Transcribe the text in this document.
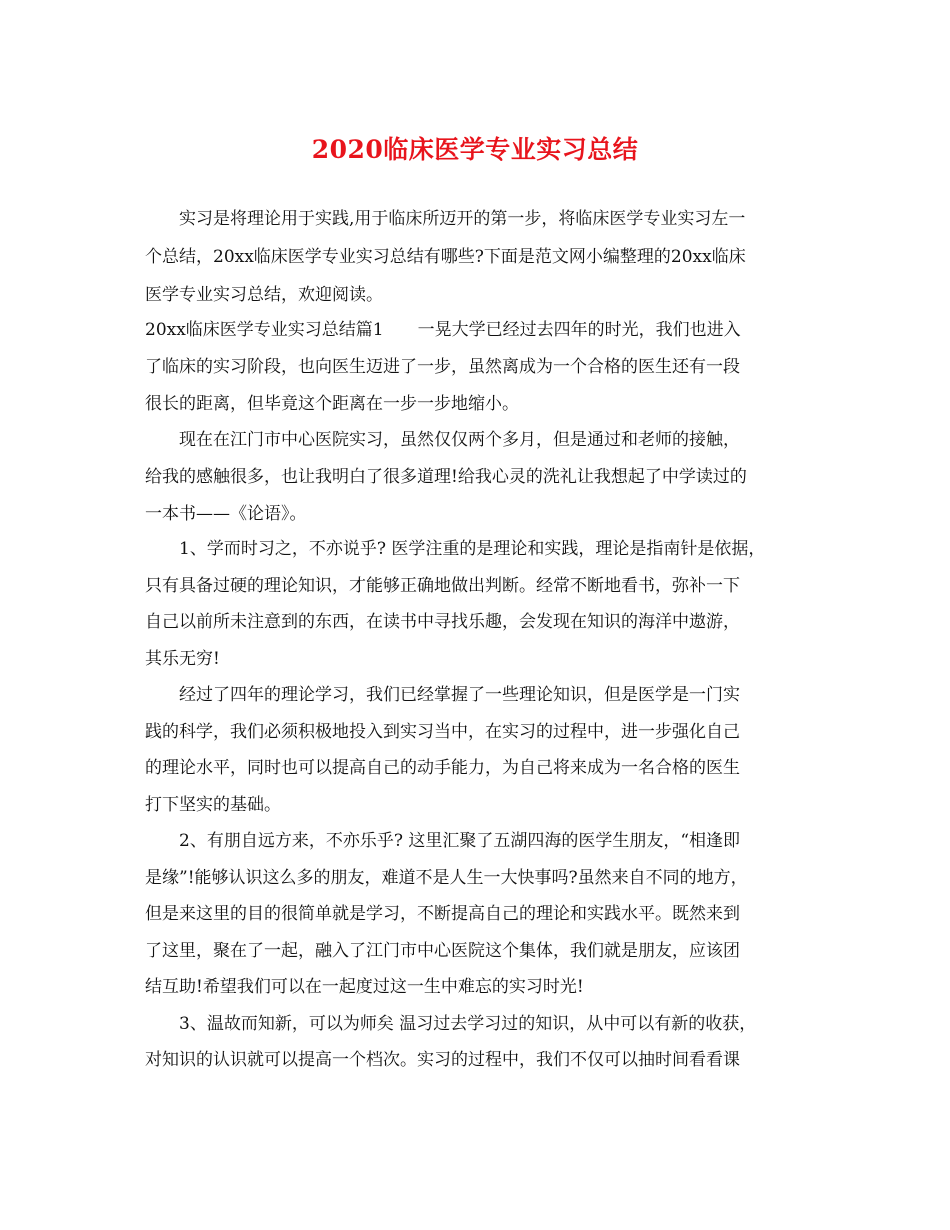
2020临床医学专业实习总结
　　实习是将理论用于实践,用于临床所迈开的第一步，将临床医学专业实习左一
个总结，20xx临床医学专业实习总结有哪些?下面是范文网小编整理的20xx临床
医学专业实习总结，欢迎阅读。
20xx临床医学专业实习总结篇1　　一晃大学已经过去四年的时光，我们也进入
了临床的实习阶段，也向医生迈进了一步，虽然离成为一个合格的医生还有一段
很长的距离，但毕竟这个距离在一步一步地缩小。
　　现在在江门市中心医院实习，虽然仅仅两个多月，但是通过和老师的接触，
给我的感触很多，也让我明白了很多道理!给我心灵的洗礼让我想起了中学读过的
一本书——《论语》。
　　1、学而时习之，不亦说乎? 医学注重的是理论和实践，理论是指南针是依据，
只有具备过硬的理论知识，才能够正确地做出判断。经常不断地看书，弥补一下
自己以前所未注意到的东西，在读书中寻找乐趣，会发现在知识的海洋中遨游，
其乐无穷!
　　经过了四年的理论学习，我们已经掌握了一些理论知识，但是医学是一门实
践的科学，我们必须积极地投入到实习当中，在实习的过程中，进一步强化自己
的理论水平，同时也可以提高自己的动手能力，为自己将来成为一名合格的医生
打下坚实的基础。
　　2、有朋自远方来，不亦乐乎? 这里汇聚了五湖四海的医学生朋友，“相逢即
是缘”!能够认识这么多的朋友，难道不是人生一大快事吗?虽然来自不同的地方，
但是来这里的目的很简单就是学习，不断提高自己的理论和实践水平。既然来到
了这里，聚在了一起，融入了江门市中心医院这个集体，我们就是朋友，应该团
结互助!希望我们可以在一起度过这一生中难忘的实习时光!
　　3、温故而知新，可以为师矣 温习过去学习过的知识，从中可以有新的收获，
对知识的认识就可以提高一个档次。实习的过程中，我们不仅可以抽时间看看课
